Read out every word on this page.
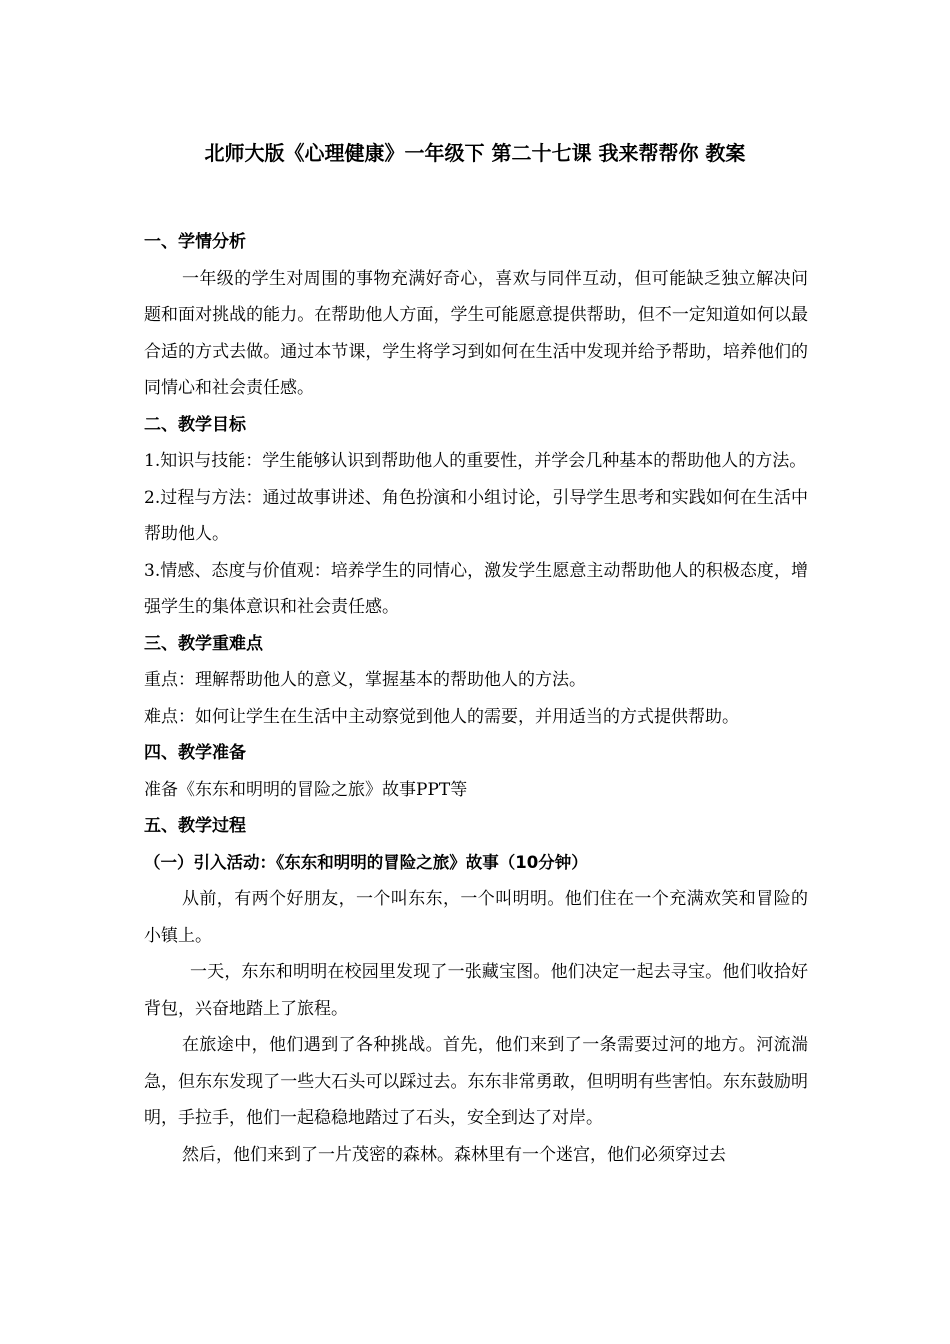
北师大版《心理健康》一年级下 第二十七课 我来帮帮你 教案

一、学情分析

一年级的学生对周围的事物充满好奇心，喜欢与同伴互动，但可能缺乏独立解决问题和面对挑战的能力。在帮助他人方面，学生可能愿意提供帮助，但不一定知道如何以最合适的方式去做。通过本节课，学生将学习到如何在生活中发现并给予帮助，培养他们的同情心和社会责任感。

二、教学目标

1.知识与技能：学生能够认识到帮助他人的重要性，并学会几种基本的帮助他人的方法。

2.过程与方法：通过故事讲述、角色扮演和小组讨论，引导学生思考和实践如何在生活中帮助他人。

3.情感、态度与价值观：培养学生的同情心，激发学生愿意主动帮助他人的积极态度，增强学生的集体意识和社会责任感。

三、教学重难点

重点：理解帮助他人的意义，掌握基本的帮助他人的方法。

难点：如何让学生在生活中主动察觉到他人的需要，并用适当的方式提供帮助。

四、教学准备

准备《东东和明明的冒险之旅》故事PPT等

五、教学过程

（一）引入活动：《东东和明明的冒险之旅》故事（10分钟）

从前，有两个好朋友，一个叫东东，一个叫明明。他们住在一个充满欢笑和冒险的小镇上。

一天，东东和明明在校园里发现了一张藏宝图。他们决定一起去寻宝。他们收拾好背包，兴奋地踏上了旅程。

在旅途中，他们遇到了各种挑战。首先，他们来到了一条需要过河的地方。河流湍急，但东东发现了一些大石头可以踩过去。东东非常勇敢，但明明有些害怕。东东鼓励明明，手拉手，他们一起稳稳地踏过了石头，安全到达了对岸。

然后，他们来到了一片茂密的森林。森林里有一个迷宫，他们必须穿过去
